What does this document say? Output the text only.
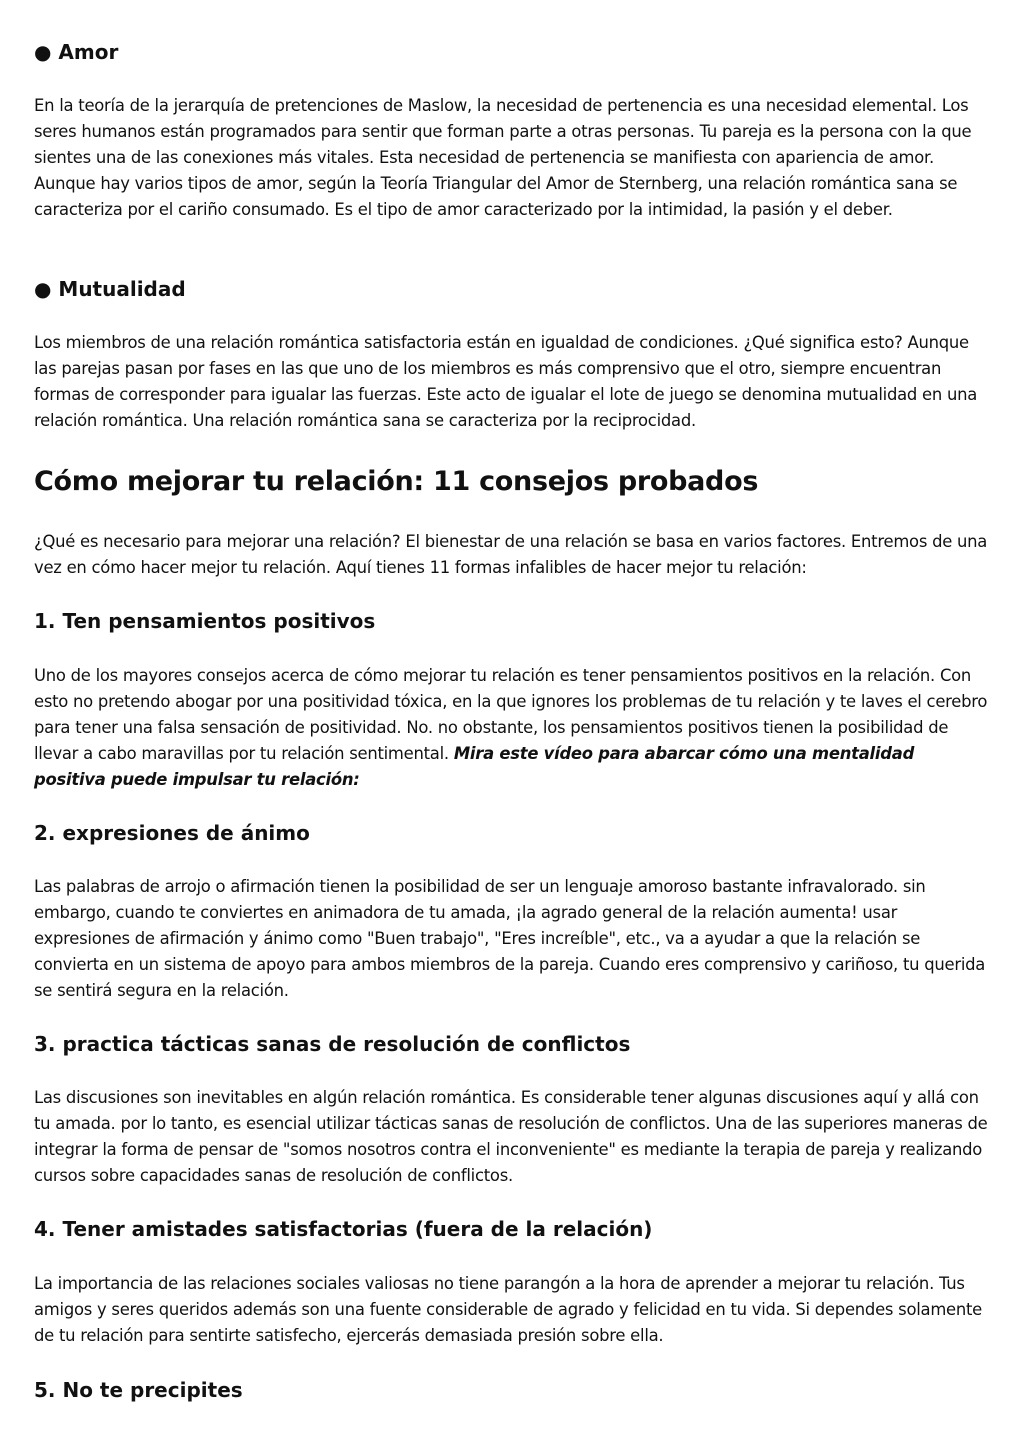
● Amor

En la teoría de la jerarquía de pretenciones de Maslow, la necesidad de pertenencia es una necesidad elemental. Los seres humanos están programados para sentir que forman parte a otras personas. Tu pareja es la persona con la que sientes una de las conexiones más vitales. Esta necesidad de pertenencia se manifiesta con apariencia de amor. Aunque hay varios tipos de amor, según la Teoría Triangular del Amor de Sternberg, una relación romántica sana se caracteriza por el cariño consumado. Es el tipo de amor caracterizado por la intimidad, la pasión y el deber.

● Mutualidad

Los miembros de una relación romántica satisfactoria están en igualdad de condiciones. ¿Qué significa esto? Aunque las parejas pasan por fases en las que uno de los miembros es más comprensivo que el otro, siempre encuentran formas de corresponder para igualar las fuerzas. Este acto de igualar el lote de juego se denomina mutualidad en una relación romántica. Una relación romántica sana se caracteriza por la reciprocidad.

Cómo mejorar tu relación: 11 consejos probados

¿Qué es necesario para mejorar una relación? El bienestar de una relación se basa en varios factores. Entremos de una vez en cómo hacer mejor tu relación. Aquí tienes 11 formas infalibles de hacer mejor tu relación:

1. Ten pensamientos positivos

Uno de los mayores consejos acerca de cómo mejorar tu relación es tener pensamientos positivos en la relación. Con esto no pretendo abogar por una positividad tóxica, en la que ignores los problemas de tu relación y te laves el cerebro para tener una falsa sensación de positividad. No. no obstante, los pensamientos positivos tienen la posibilidad de llevar a cabo maravillas por tu relación sentimental. Mira este vídeo para abarcar cómo una mentalidad positiva puede impulsar tu relación:

2. expresiones de ánimo

Las palabras de arrojo o afirmación tienen la posibilidad de ser un lenguaje amoroso bastante infravalorado. sin embargo, cuando te conviertes en animadora de tu amada, ¡la agrado general de la relación aumenta! usar expresiones de afirmación y ánimo como "Buen trabajo", "Eres increíble", etc., va a ayudar a que la relación se convierta en un sistema de apoyo para ambos miembros de la pareja. Cuando eres comprensivo y cariñoso, tu querida se sentirá segura en la relación.

3. practica tácticas sanas de resolución de conflictos

Las discusiones son inevitables en algún relación romántica. Es considerable tener algunas discusiones aquí y allá con tu amada. por lo tanto, es esencial utilizar tácticas sanas de resolución de conflictos. Una de las superiores maneras de integrar la forma de pensar de "somos nosotros contra el inconveniente" es mediante la terapia de pareja y realizando cursos sobre capacidades sanas de resolución de conflictos.

4. Tener amistades satisfactorias (fuera de la relación)

La importancia de las relaciones sociales valiosas no tiene parangón a la hora de aprender a mejorar tu relación. Tus amigos y seres queridos además son una fuente considerable de agrado y felicidad en tu vida. Si dependes solamente de tu relación para sentirte satisfecho, ejercerás demasiada presión sobre ella.

5. No te precipites
